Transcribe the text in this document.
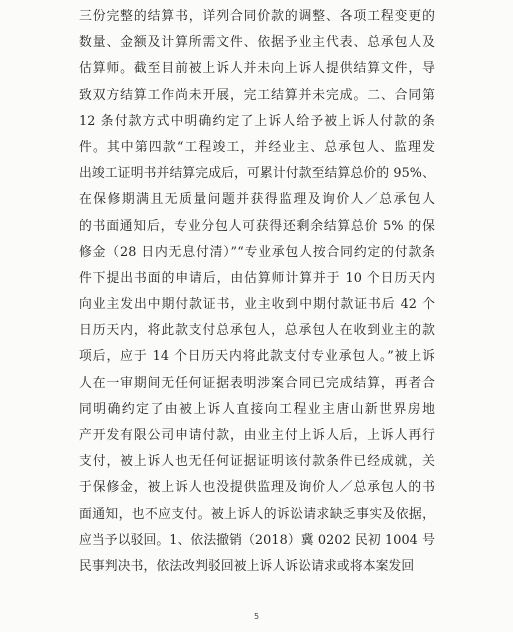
三份完整的结算书，详列合同价款的调整、各项工程变更的
数量、金额及计算所需文件、依据予业主代表、总承包人及
估算师。截至目前被上诉人并未向上诉人提供结算文件，导
致双方结算工作尚未开展，完工结算并未完成。二、合同第
12 条付款方式中明确约定了上诉人给予被上诉人付款的条
件。其中第四款“工程竣工，并经业主、总承包人、监理发
出竣工证明书并结算完成后，可累计付款至结算总价的 95%、
在保修期满且无质量问题并获得监理及询价人／总承包人
的书面通知后，专业分包人可获得还剩余结算总价 5% 的保
修金（28 日内无息付清）”“专业承包人按合同约定的付款条
件下提出书面的申请后，由估算师计算并于 10 个日历天内
向业主发出中期付款证书，业主收到中期付款证书后 42 个
日历天内，将此款支付总承包人，总承包人在收到业主的款
项后，应于 14 个日历天内将此款支付专业承包人。”被上诉
人在一审期间无任何证据表明涉案合同已完成结算，再者合
同明确约定了由被上诉人直接向工程业主唐山新世界房地
产开发有限公司申请付款，由业主付上诉人后，上诉人再行
支付，被上诉人也无任何证据证明该付款条件已经成就，关
于保修金，被上诉人也没提供监理及询价人／总承包人的书
面通知，也不应支付。被上诉人的诉讼请求缺乏事实及依据，
应当予以驳回。1、依法撤销（2018）冀 0202 民初 1004 号
民事判决书，依法改判驳回被上诉人诉讼请求或将本案发回
5
